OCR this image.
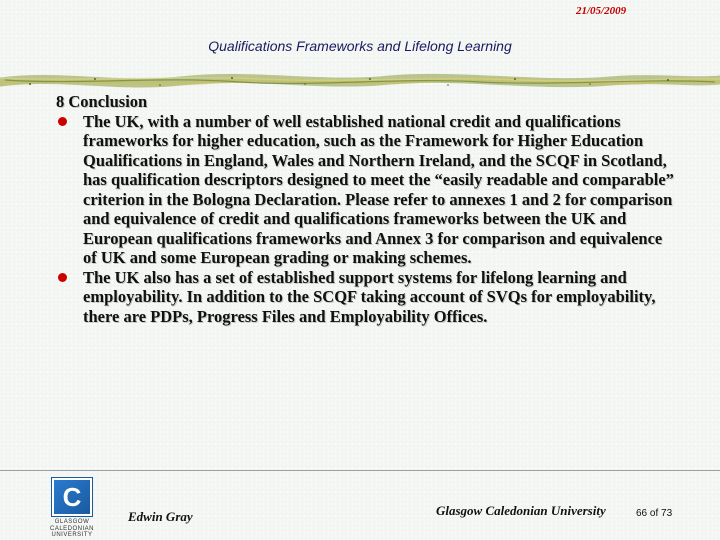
21/05/2009
Qualifications Frameworks and Lifelong Learning
8 Conclusion
The UK, with a number of well established national credit and qualifications frameworks for higher education, such as the Framework for Higher Education Qualifications in England, Wales and Northern Ireland, and the SCQF in Scotland, has qualification descriptors designed to meet the “easily readable and comparable” criterion in the Bologna Declaration. Please refer to annexes 1 and 2 for comparison and equivalence of credit and qualifications frameworks between the UK and European qualifications frameworks and Annex 3 for comparison and equivalence of UK and some European grading or making schemes.
The UK also has a set of established support systems for lifelong learning and employability. In addition to the SCQF taking account of SVQs for employability, there are PDPs, Progress Files and Employability Offices.
C
GLASGOW
CALEDONIAN
UNIVERSITY
Edwin Gray	Glasgow Caledonian University	66 of 73
